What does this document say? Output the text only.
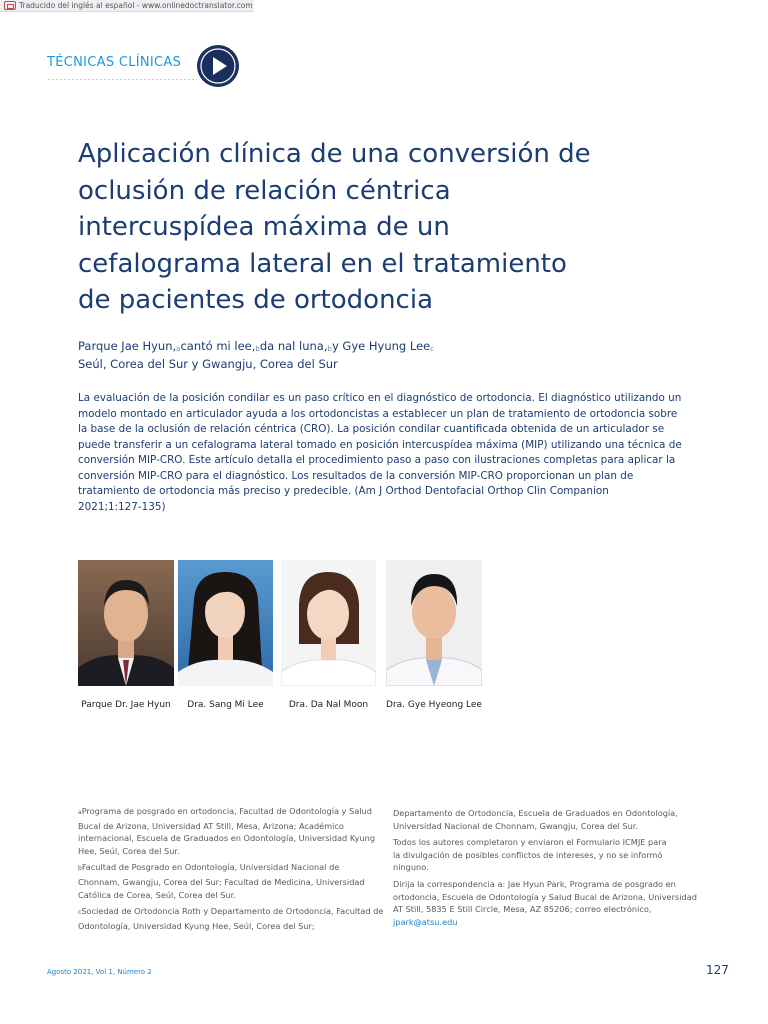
Traducido del inglés al español - www.onlinedoctranslator.com
TÉCNICAS CLÍNICAS
Aplicación clínica de una conversión de
oclusión de relación céntrica
intercuspídea máxima de un
cefalograma lateral en el tratamiento
de pacientes de ortodoncia
Parque Jae $Hyun,_acantó$ mi $lee,_bda$ nal $luna,_by$ Gye Hyung Lee$_c$
Seúl, Corea del Sur y Gwangju, Corea del Sur
La evaluación de la posición condilar es un paso crítico en el diagnóstico de ortodoncia. El diagnóstico utilizando un
modelo montado en articulador ayuda a los ortodoncistas a establecer un plan de tratamiento de ortodoncia sobre
la base de la oclusión de relación céntrica (CRO). La posición condilar cuantificada obtenida de un articulador se
puede transferir a un cefalograma lateral tomado en posición intercuspídea máxima (MIP) utilizando una técnica de
conversión MIP-CRO. Este artículo detalla el procedimiento paso a paso con ilustraciones completas para aplicar la
conversión MIP-CRO para el diagnóstico. Los resultados de la conversión MIP-CRO proporcionan un plan de
tratamiento de ortodoncia más preciso y predecible. (Am J Orthod Dentofacial Orthop Clin Companion
2021;1:127-135)
Parque Dr. Jae Hyun	Dra. Sang Mi Lee	Dra. Da Nal Moon	Dra. Gye Hyeong Lee

aPrograma de posgrado en ortodoncia, Facultad de Odontología y Salud
Bucal de Arizona, Universidad AT Still, Mesa, Arizona; Académico
internacional, Escuela de Graduados en Odontología, Universidad Kyung
Hee, Seúl, Corea del Sur.

bFacultad de Posgrado en Odontología, Universidad Nacional de
Chonnam, Gwangju, Corea del Sur; Facultad de Medicina, Universidad
Católica de Corea, Seúl, Corea del Sur.

cSociedad de Ortodoncia Roth y Departamento de Ortodoncia, Facultad de
Odontología, Universidad Kyung Hee, Seúl, Corea del Sur;

Departamento de Ortodoncia, Escuela de Graduados en Odontología,
Universidad Nacional de Chonnam, Gwangju, Corea del Sur.

Todos los autores completaron y enviaron el Formulario ICMJE para
la divulgación de posibles conflictos de intereses, y no se informó
ninguno.

Dirija la correspondencia a: Jae Hyun Park, Programa de posgrado en
ortodoncia, Escuela de Odontología y Salud Bucal de Arizona, Universidad
AT Still, 5835 E Still Circle, Mesa, AZ 85206; correo electrónico,
jpark@atsu.edu

Agosto 2021, Vol 1, Número 2	127
